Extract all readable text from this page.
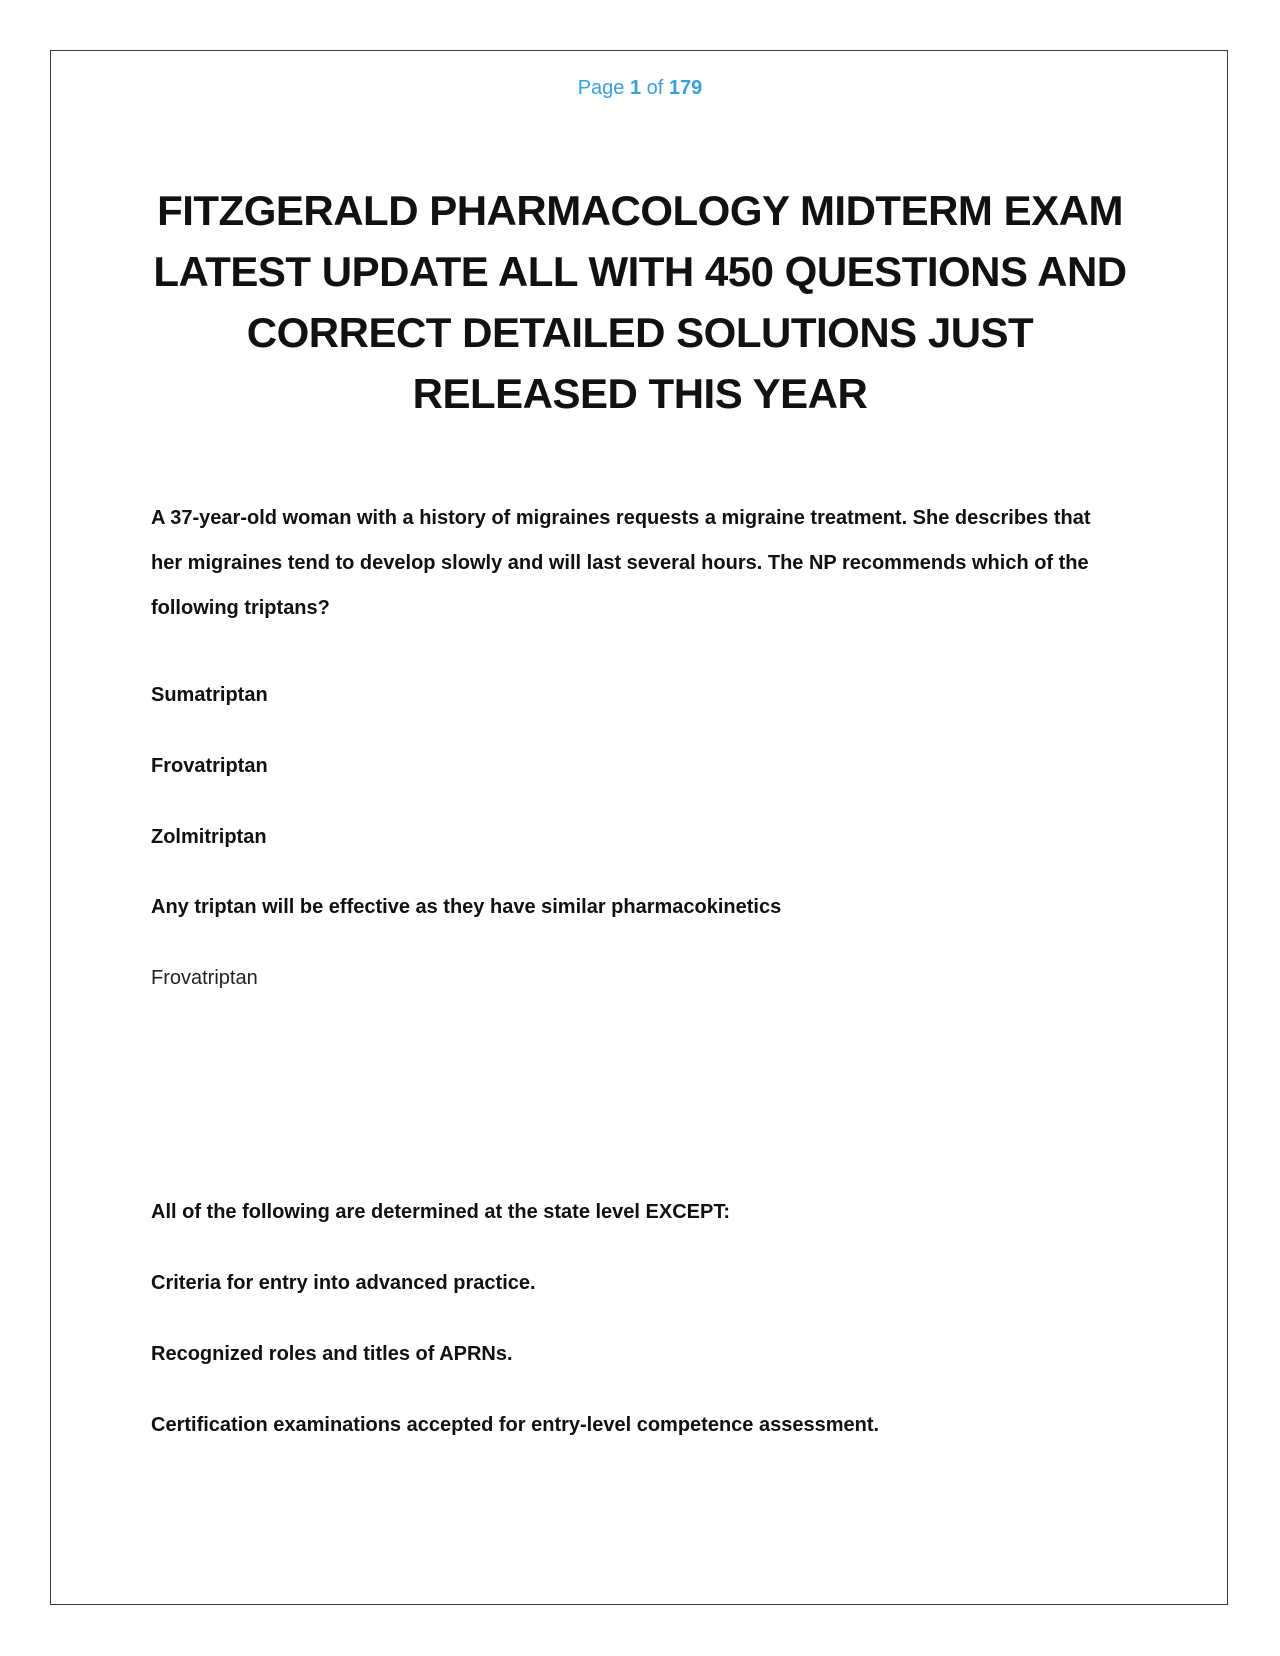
Page 1 of 179
FITZGERALD PHARMACOLOGY MIDTERM EXAM LATEST UPDATE ALL WITH 450 QUESTIONS AND CORRECT DETAILED SOLUTIONS JUST RELEASED THIS YEAR

A 37-year-old woman with a history of migraines requests a migraine treatment. She describes that her migraines tend to develop slowly and will last several hours. The NP recommends which of the following triptans?

Sumatriptan

Frovatriptan

Zolmitriptan

Any triptan will be effective as they have similar pharmacokinetics

Frovatriptan

All of the following are determined at the state level EXCEPT:

Criteria for entry into advanced practice.

Recognized roles and titles of APRNs.

Certification examinations accepted for entry-level competence assessment.
